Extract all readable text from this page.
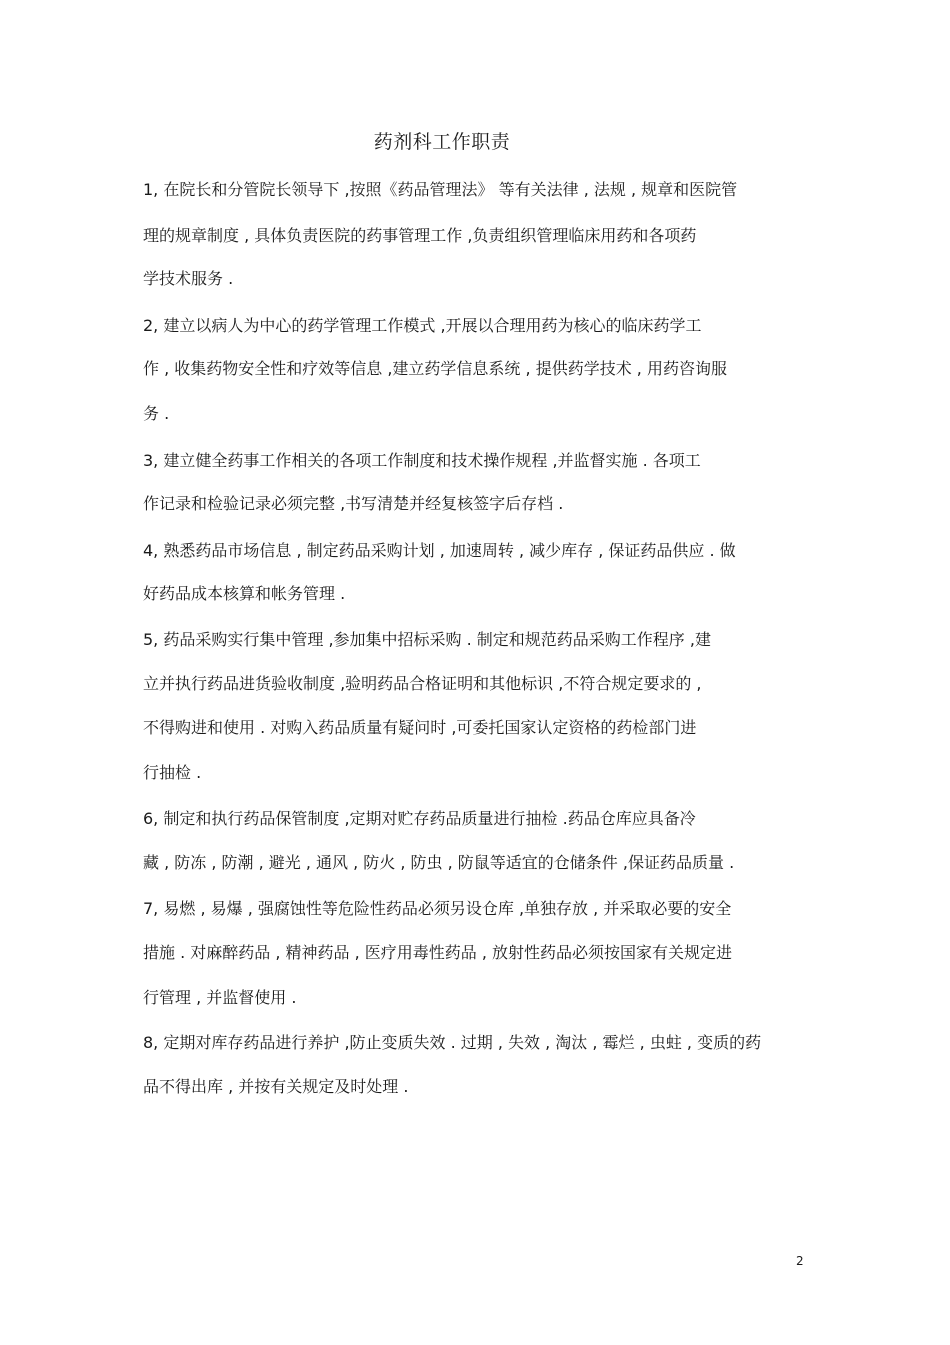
药剂科工作职责
1, 在院长和分管院长领导下 ,按照《药品管理法》 等有关法律 , 法规 , 规章和医院管
理的规章制度 , 具体负责医院的药事管理工作 ,负责组织管理临床用药和各项药
学技术服务 .
2, 建立以病人为中心的药学管理工作模式 ,开展以合理用药为核心的临床药学工
作 , 收集药物安全性和疗效等信息 ,建立药学信息系统 , 提供药学技术 , 用药咨询服
务 .
3, 建立健全药事工作相关的各项工作制度和技术操作规程 ,并监督实施 . 各项工
作记录和检验记录必须完整 ,书写清楚并经复核签字后存档 .
4, 熟悉药品市场信息 , 制定药品采购计划 , 加速周转 , 减少库存 , 保证药品供应 . 做
好药品成本核算和帐务管理 .
5, 药品采购实行集中管理 ,参加集中招标采购 . 制定和规范药品采购工作程序 ,建
立并执行药品进货验收制度 ,验明药品合格证明和其他标识 ,不符合规定要求的 ,
不得购进和使用 . 对购入药品质量有疑问时 ,可委托国家认定资格的药检部门进
行抽检 .
6, 制定和执行药品保管制度 ,定期对贮存药品质量进行抽检 .药品仓库应具备冷
藏 , 防冻 , 防潮 , 避光 , 通风 , 防火 , 防虫 , 防鼠等适宜的仓储条件 ,保证药品质量 .
7, 易燃 , 易爆 , 强腐蚀性等危险性药品必须另设仓库 ,单独存放 , 并采取必要的安全
措施 . 对麻醉药品 , 精神药品 , 医疗用毒性药品 , 放射性药品必须按国家有关规定进
行管理 , 并监督使用 .
8, 定期对库存药品进行养护 ,防止变质失效 . 过期 , 失效 , 淘汰 , 霉烂 , 虫蛀 , 变质的药
品不得出库 , 并按有关规定及时处理 .
2
